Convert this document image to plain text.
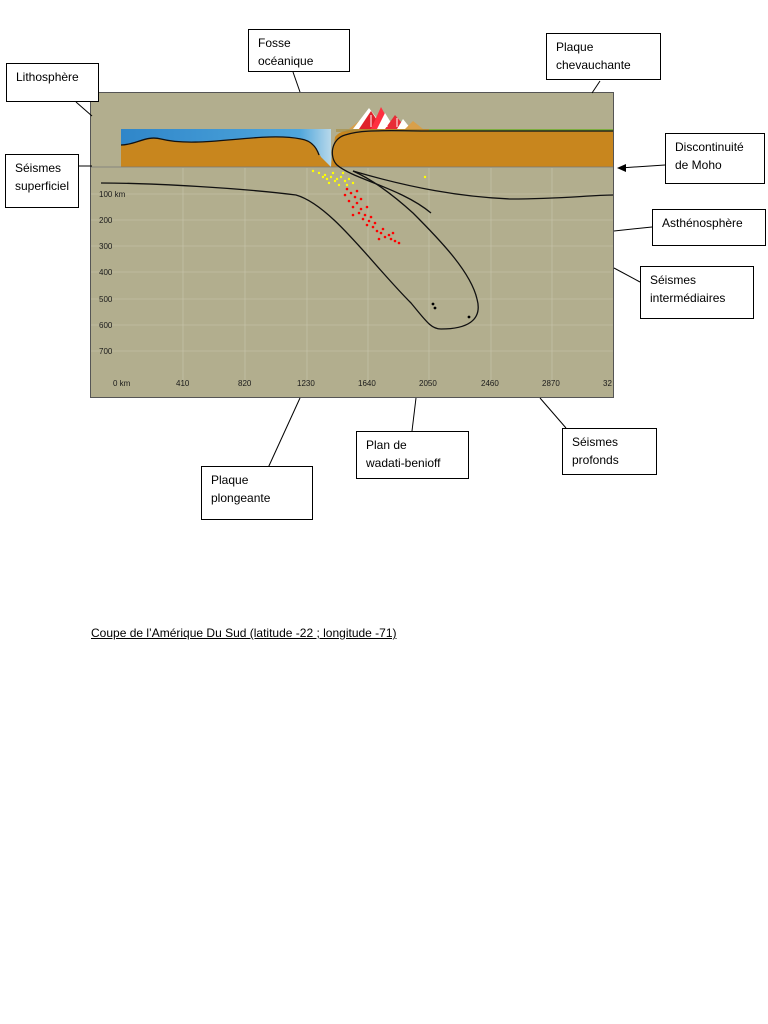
100 km
200
300
400
500
600
700
0 km	410	820	1230	1640	2050	2460	2870	32
Lithosphère
Fosse
océanique
Plaque
chevauchante
Séismes
superficiel
Discontinuité
de Moho
Asthénosphère
Séismes
intermédiaires
Plan de
wadati-benioff
Séismes
profonds
Plaque
plongeante
Coupe de l’Amérique Du Sud (latitude -22 ; longitude -71)
